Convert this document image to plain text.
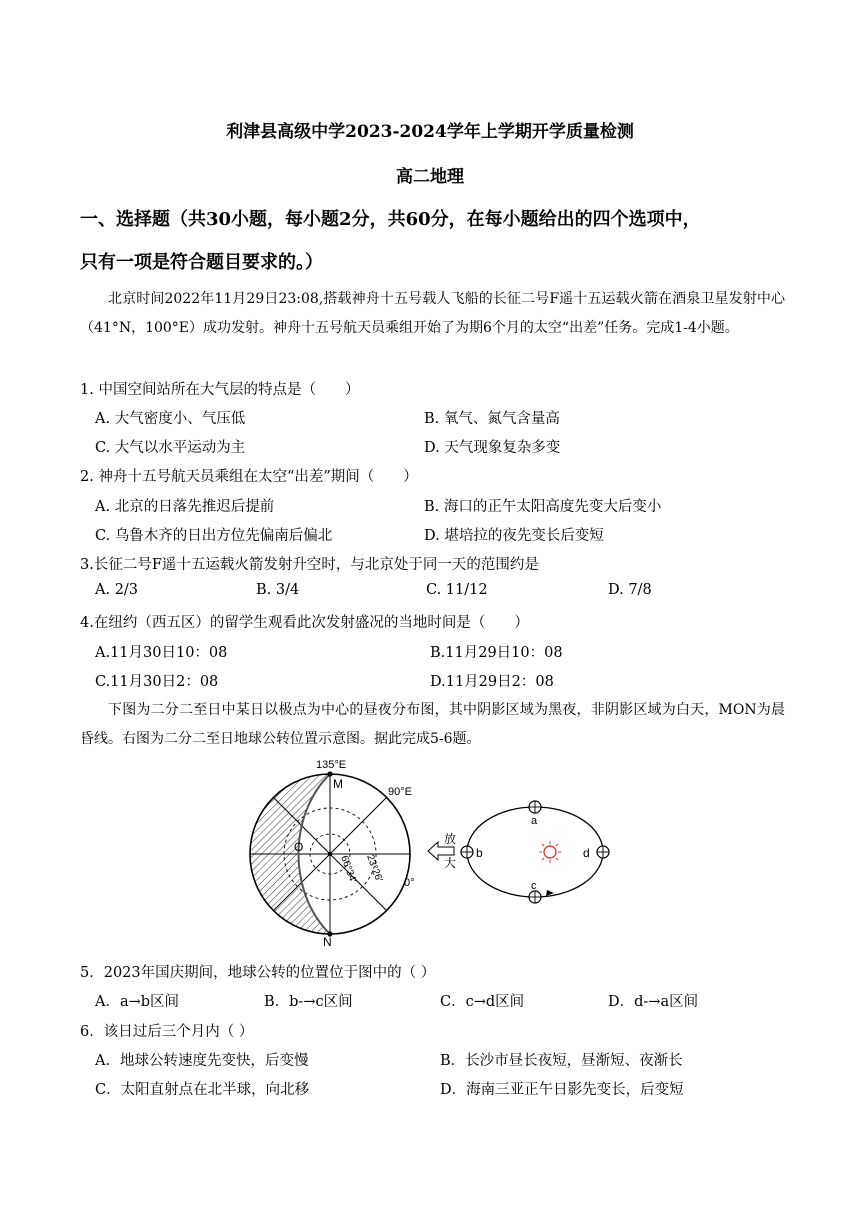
利津县高级中学2023-2024学年上学期开学质量检测
高二地理
一、选择题（共30小题，每小题2分，共60分，在每小题给出的四个选项中，
只有一项是符合题目要求的。）
北京时间2022年11月29日23:08,搭载神舟十五号载人飞船的长征二号F遥十五运载火箭在酒泉卫星发射中心（41°N，100°E）成功发射。神舟十五号航天员乘组开始了为期6个月的太空“出差”任务。完成1-4小题。
1. 中国空间站所在大气层的特点是（　　）
A. 大气密度小、气压低	B. 氧气、氮气含量高
C. 大气以水平运动为主	D. 天气现象复杂多变
2. 神舟十五号航天员乘组在太空“出差”期间（　　）
A. 北京的日落先推迟后提前	B. 海口的正午太阳高度先变大后变小
C. 乌鲁木齐的日出方位先偏南后偏北	D. 堪培拉的夜先变长后变短
3.长征二号F遥十五运载火箭发射升空时，与北京处于同一天的范围约是
A. 2/3	B. 3/4	C. 11/12	D. 7/8
4.在纽约（西五区）的留学生观看此次发射盛况的当地时间是（　　）
A.11月30日10：08	B.11月29日10：08
C.11月30日2：08	D.11月29日2：08
下图为二分二至日中某日以极点为中心的昼夜分布图，其中阴影区域为黑夜，非阴影区域为白天，MON为晨昏线。右图为二分二至日地球公转位置示意图。据此完成5-6题。
135°E
90°E
0°
M
O
N
66°34′ 23°26′
放
大
a
b
c
d
5．2023年国庆期间，地球公转的位置位于图中的（ ）
A．a→b区间	B．b-→c区间	C．c→d区间	D．d-→a区间
6．该日过后三个月内（ ）
A．地球公转速度先变快，后变慢	B．长沙市昼长夜短，昼渐短、夜渐长
C．太阳直射点在北半球，向北移	D．海南三亚正午日影先变长，后变短
